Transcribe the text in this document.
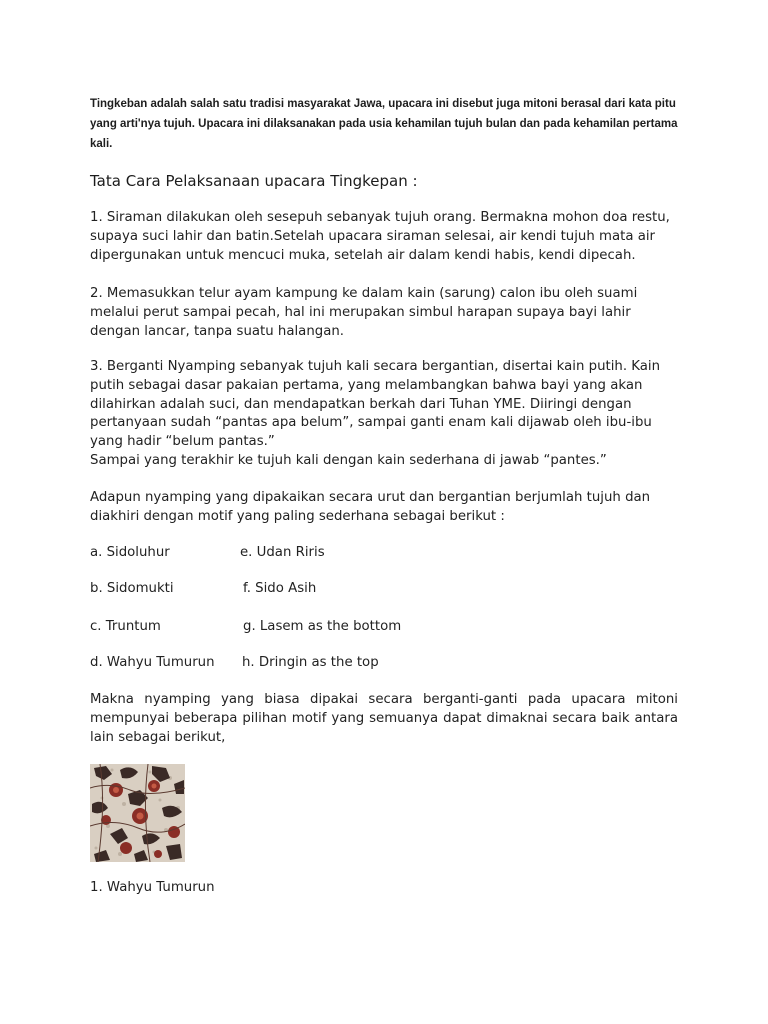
Tingkeban adalah salah satu tradisi masyarakat Jawa, upacara ini disebut juga mitoni berasal dari kata pitu yang arti'nya tujuh. Upacara ini dilaksanakan pada usia kehamilan tujuh bulan dan pada kehamilan pertama kali.
Tata Cara Pelaksanaan upacara Tingkepan :

1. Siraman dilakukan oleh sesepuh sebanyak tujuh orang. Bermakna mohon doa restu, supaya suci lahir dan batin.Setelah upacara siraman selesai, air kendi tujuh mata air dipergunakan untuk mencuci muka, setelah air dalam kendi habis, kendi dipecah.

2. Memasukkan telur ayam kampung ke dalam kain (sarung) calon ibu oleh suami melalui perut sampai pecah, hal ini merupakan simbul harapan supaya bayi lahir dengan lancar, tanpa suatu halangan.

3. Berganti Nyamping sebanyak tujuh kali secara bergantian, disertai kain putih. Kain putih sebagai dasar pakaian pertama, yang melambangkan bahwa bayi yang akan dilahirkan adalah suci, dan mendapatkan berkah dari Tuhan YME. Diiringi dengan pertanyaan sudah “pantas apa belum”, sampai ganti enam kali dijawab oleh ibu-ibu yang hadir “belum pantas.”

Sampai yang terakhir ke tujuh kali dengan kain sederhana di jawab “pantes.”

Adapun nyamping yang dipakaikan secara urut dan bergantian berjumlah tujuh dan diakhiri dengan motif yang paling sederhana sebagai berikut :

a. Sidoluhur	e. Udan Riris
b. Sidomukti	f. Sido Asih
c. Truntum	g. Lasem as the bottom
d. Wahyu Tumurun h. Dringin as the top

Makna nyamping yang biasa dipakai secara berganti-ganti pada upacara mitoni mempunyai beberapa pilihan motif yang semuanya dapat dimaknai secara baik antara lain sebagai berikut,

1. Wahyu Tumurun
